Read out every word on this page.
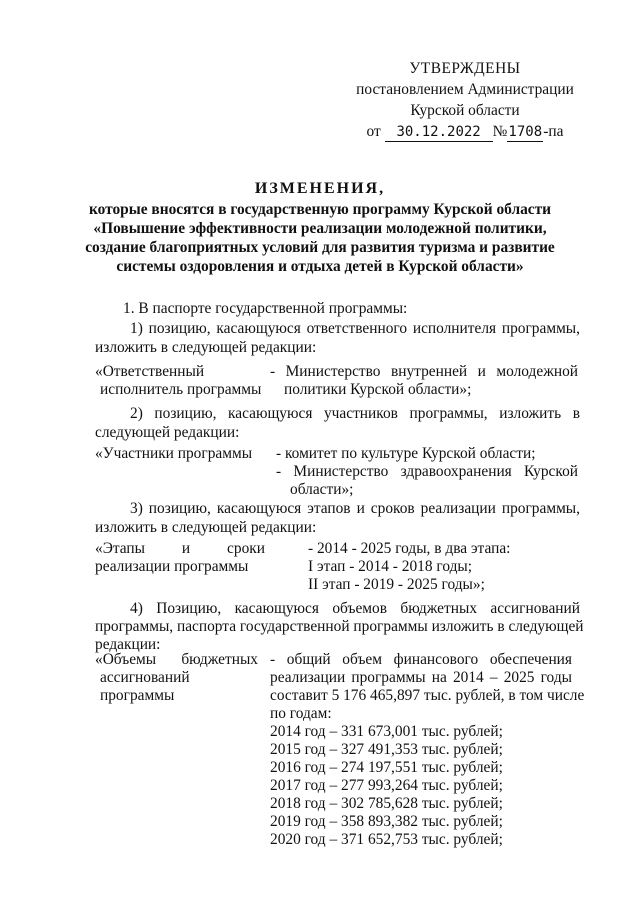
УТВЕРЖДЕНЫ
постановлением Администрации
Курской области
от 30.12.2022 №1708-па
ИЗМЕНЕНИЯ,
которые вносятся в государственную программу Курской области
«Повышение эффективности реализации молодежной политики,
создание благоприятных условий для развития туризма и развитие
системы оздоровления и отдыха детей в Курской области»
1. В паспорте государственной программы:
1) позицию, касающуюся ответственного исполнителя программы,
изложить в следующей редакции:
«Ответственный
исполнитель программы
- Министерство внутренней и молодежной
политики Курской области»;
2) позицию, касающуюся участников программы, изложить в
следующей редакции:
«Участники программы - комитет по культуре Курской области;
- Министерство здравоохранения Курской
области»;
3) позицию, касающуюся этапов и сроков реализации программы,
изложить в следующей редакции:
«Этапы и сроки
реализации программы
- 2014 - 2025 годы, в два этапа:
I этап - 2014 - 2018 годы;
II этап - 2019 - 2025 годы»;
4) Позицию, касающуюся объемов бюджетных ассигнований
программы, паспорта государственной программы изложить в следующей
редакции:
«Объемы бюджетных
ассигнований
программы
- общий объем финансового обеспечения
реализации программы на 2014 – 2025 годы
составит 5 176 465,897 тыс. рублей, в том числе
по годам:
2014 год – 331 673,001 тыс. рублей;
2015 год – 327 491,353 тыс. рублей;
2016 год – 274 197,551 тыс. рублей;
2017 год – 277 993,264 тыс. рублей;
2018 год – 302 785,628 тыс. рублей;
2019 год – 358 893,382 тыс. рублей;
2020 год – 371 652,753 тыс. рублей;
